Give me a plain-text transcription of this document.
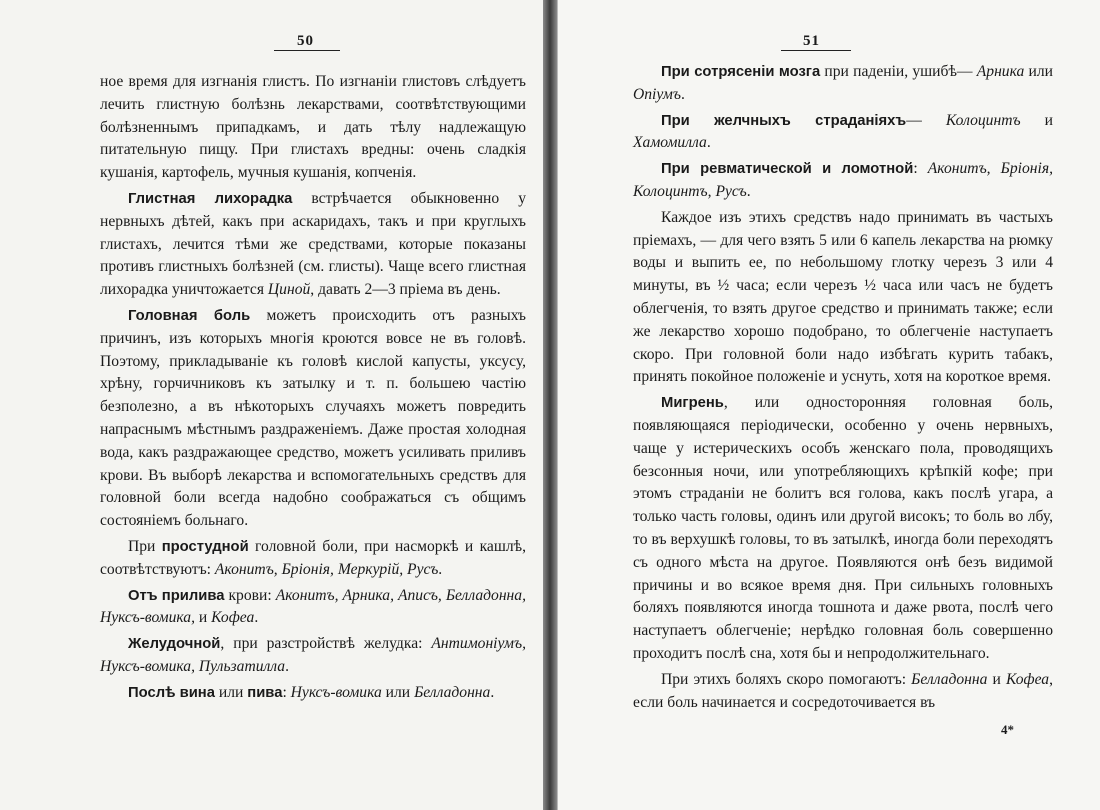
50

ное время для изгнанія глистъ. По изгнаніи глистовъ слѣдуетъ лечить глистную болѣзнь лекарствами, соотвѣтствующими болѣзненнымъ припадкамъ, и дать тѣлу надлежащую питательную пищу. При глистахъ вредны: очень сладкія кушанія, картофель, мучныя кушанія, копченія.

Глистная лихорадка встрѣчается обыкновенно у нервныхъ дѣтей, какъ при аскаридахъ, такъ и при круглыхъ глистахъ, лечится тѣми же средствами, которые показаны противъ глистныхъ болѣзней (см. глисты). Чаще всего глистная лихорадка уничтожается Циной, давать 2—3 пріема въ день.

Головная боль можетъ происходить отъ разныхъ причинъ, изъ которыхъ многія кроются вовсе не въ головѣ. Поэтому, прикладываніе къ головѣ кислой капусты, уксусу, хрѣну, горчичниковъ къ затылку и т. п. большею частію безполезно, а въ нѣкоторыхъ случаяхъ можетъ повредить напраснымъ мѣстнымъ раздраженіемъ. Даже простая холодная вода, какъ раздражающее средство, можетъ усиливать приливъ крови. Въ выборѣ лекарства и вспомогательныхъ средствъ для головной боли всегда надобно соображаться съ общимъ состояніемъ больнаго.

При простудной головной боли, при насморкѣ и кашлѣ, соотвѣтствуютъ: Аконитъ, Бріонія, Меркурій, Русъ.

Отъ прилива крови: Аконитъ, Арника, Аписъ, Белладонна, Нуксъ-вомика, и Кофеа.

Желудочной, при разстройствѣ желудка: Антимоніумъ, Нуксъ-вомика, Пульзатилла.

Послѣ вина или пива: Нуксъ-вомика или Белладонна.

51

При сотрясеніи мозга при паденіи, ушибѣ— Арника или Опіумъ.

При желчныхъ страданіяхъ— Колоцинтъ и Хамомилла.

При ревматической и ломотной: Аконитъ, Бріонія, Колоцинтъ, Русъ.

Каждое изъ этихъ средствъ надо принимать въ частыхъ пріемахъ, — для чего взять 5 или 6 капель лекарства на рюмку воды и выпить ее, по небольшому глотку черезъ 3 или 4 минуты, въ ½ часа; если черезъ ½ часа или часъ не будетъ облегченія, то взять другое средство и принимать также; если же лекарство хорошо подобрано, то облегченіе наступаетъ скоро. При головной боли надо избѣгать курить табакъ, принять покойное положеніе и уснуть, хотя на короткое время.

Мигрень, или односторонняя головная боль, появляющаяся періодически, особенно у очень нервныхъ, чаще у истерическихъ особъ женскаго пола, проводящихъ безсонныя ночи, или употребляющихъ крѣпкій кофе; при этомъ страданіи не болитъ вся голова, какъ послѣ угара, а только часть головы, одинъ или другой високъ; то боль во лбу, то въ верхушкѣ головы, то въ затылкѣ, иногда боли переходятъ съ одного мѣста на другое. Появляются онѣ безъ видимой причины и во всякое время дня. При сильныхъ головныхъ боляхъ появляются иногда тошнота и даже рвота, послѣ чего наступаетъ облегченіе; нерѣдко головная боль совершенно проходитъ послѣ сна, хотя бы и непродолжительнаго.

При этихъ боляхъ скоро помогаютъ: Белладонна и Кофеа, если боль начинается и сосредоточивается въ

4*
